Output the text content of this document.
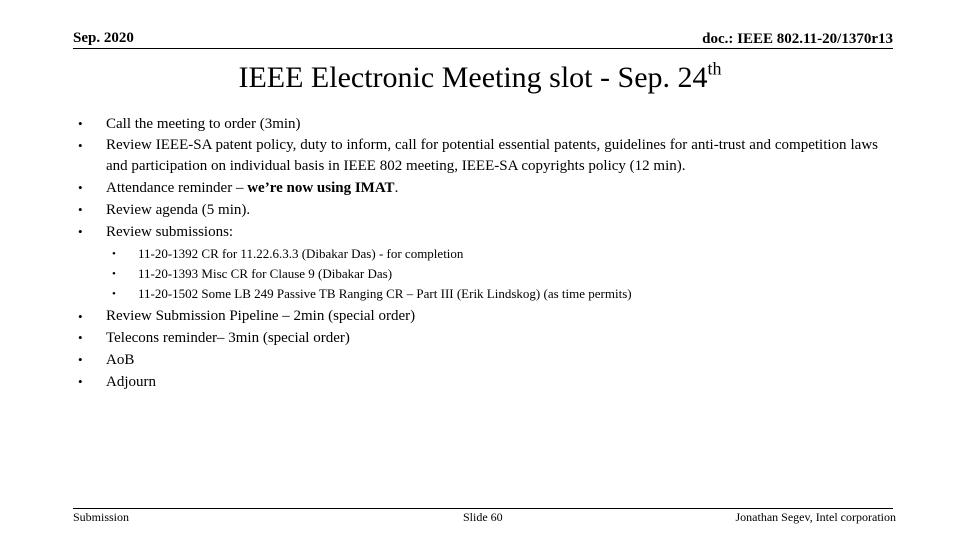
Sep. 2020	doc.: IEEE 802.11-20/1370r13
IEEE Electronic Meeting slot - Sep. 24th
• Call the meeting to order (3min)
• Review IEEE-SA patent policy, duty to inform, call for potential essential patents, guidelines for anti-trust and competition laws and participation on individual basis in IEEE 802 meeting, IEEE-SA copyrights policy (12 min).
• Attendance reminder – we’re now using IMAT.
• Review agenda (5 min).
• Review submissions:
• 11-20-1392 CR for 11.22.6.3.3 (Dibakar Das) - for completion
• 11-20-1393 Misc CR for Clause 9 (Dibakar Das)
• 11-20-1502 Some LB 249 Passive TB Ranging CR – Part III (Erik Lindskog) (as time permits)
• Review Submission Pipeline – 2min (special order)
• Telecons reminder– 3min (special order)
• AoB
• Adjourn
Submission	Slide 60	Jonathan Segev, Intel corporation
